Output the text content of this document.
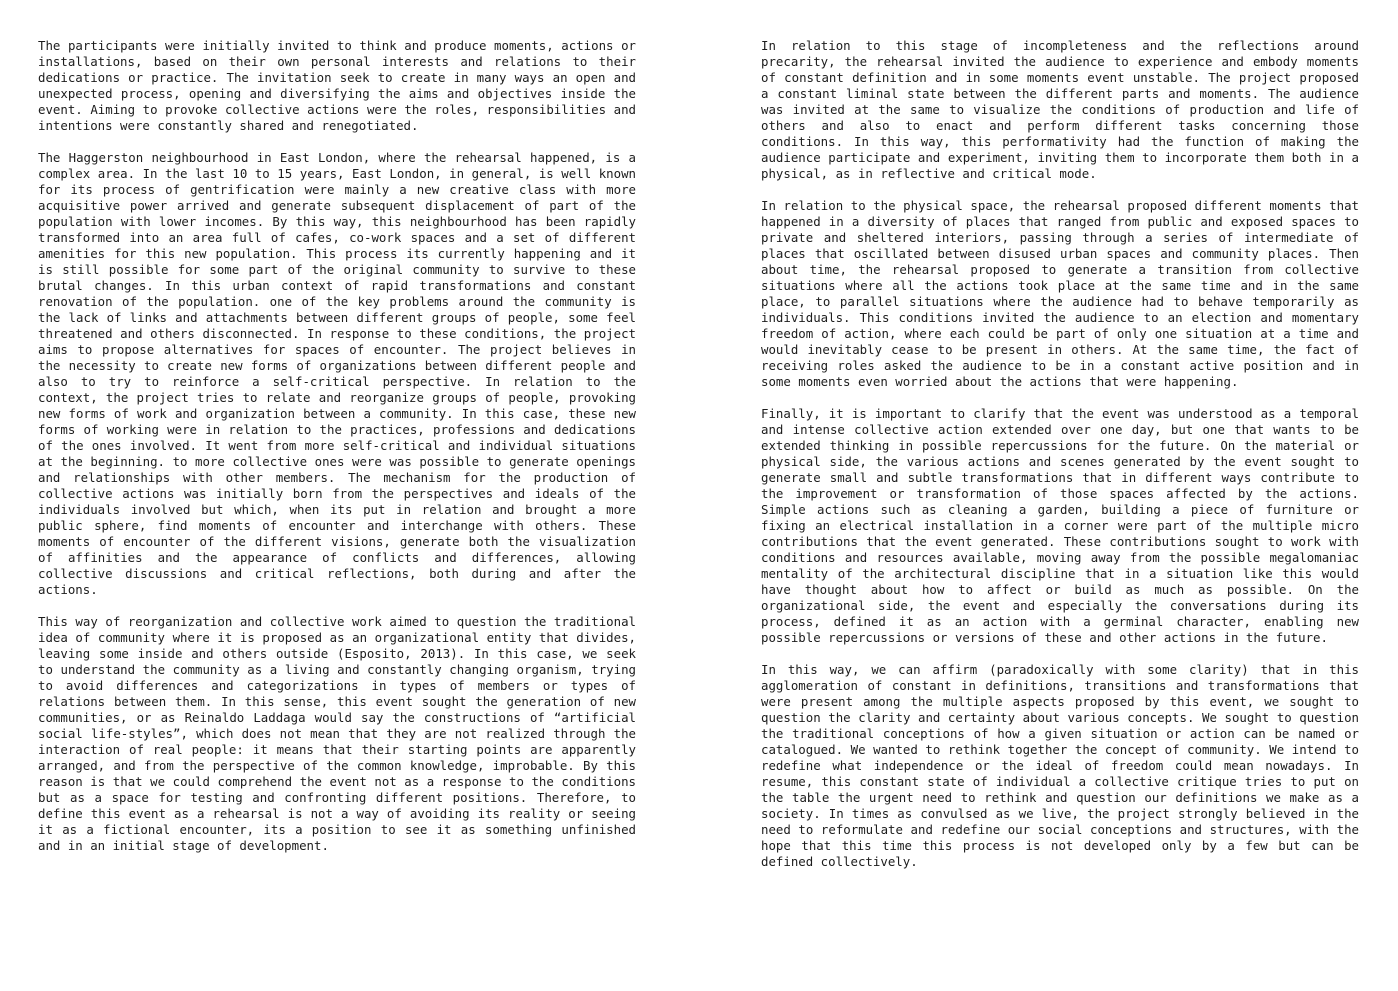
The participants were initially invited to think and produce moments, actions or installations, based on their own personal interests and relations to their dedications or practice. The invitation seek to create in many ways an open and unexpected process, opening and diversifying the aims and objectives inside the event. Aiming to provoke collective actions were the roles, responsibilities and intentions were constantly shared and renegotiated.

The Haggerston neighbourhood in East London, where the rehearsal happened, is a complex area. In the last 10 to 15 years, East London, in general, is well known for its process of gentrification were mainly a new creative class with more acquisitive power arrived and generate subsequent displacement of part of the population with lower incomes. By this way, this neighbourhood has been rapidly transformed into an area full of cafes, co-work spaces and a set of different amenities for this new population. This process its currently happening and it is still possible for some part of the original community to survive to these brutal changes. In this urban context of rapid transformations and constant renovation of the population. one of the key problems around the community is the lack of links and attachments between different groups of people, some feel threatened and others disconnected. In response to these conditions, the project aims to propose alternatives for spaces of encounter. The project believes in the necessity to create new forms of organizations between different people and also to try to reinforce a self-critical perspective. In relation to the context, the project tries to relate and reorganize groups of people, provoking new forms of work and organization between a community. In this case, these new forms of working were in relation to the practices, professions and dedications of the ones involved. It went from more self-critical and individual situations at the beginning. to more collective ones were was possible to generate openings and relationships with other members. The mechanism for the production of collective actions was initially born from the perspectives and ideals of the individuals involved but which, when its put in relation and brought a more public sphere, find moments of encounter and interchange with others. These moments of encounter of the different visions, generate both the visualization of affinities and the appearance of conflicts and differences, allowing collective discussions and critical reflections, both during and after the actions.

This way of reorganization and collective work aimed to question the traditional idea of community where it is proposed as an organizational entity that divides, leaving some inside and others outside (Esposito, 2013). In this case, we seek to understand the community as a living and constantly changing organism, trying to avoid differences and categorizations in types of members or types of relations between them. In this sense, this event sought the generation of new communities, or as Reinaldo Laddaga would say the constructions of “artificial social life-styles”, which does not mean that they are not realized through the interaction of real people: it means that their starting points are apparently arranged, and from the perspective of the common knowledge, improbable. By this reason is that we could comprehend the event not as a response to the conditions but as a space for testing and confronting different positions. Therefore, to define this event as a rehearsal is not a way of avoiding its reality or seeing it as a fictional encounter, its a position to see it as something unfinished and in an initial stage of development.

In relation to this stage of incompleteness and the reflections around precarity, the rehearsal invited the audience to experience and embody moments of constant definition and in some moments event unstable. The project proposed a constant liminal state between the different parts and moments. The audience was invited at the same to visualize the conditions of production and life of others and also to enact and perform different tasks concerning those conditions. In this way, this performativity had the function of making the audience participate and experiment, inviting them to incorporate them both in a physical, as in reflective and critical mode.

In relation to the physical space, the rehearsal proposed different moments that happened in a diversity of places that ranged from public and exposed spaces to private and sheltered interiors, passing through a series of intermediate of places that oscillated between disused urban spaces and community places. Then about time, the rehearsal proposed to generate a transition from collective situations where all the actions took place at the same time and in the same place, to parallel situations where the audience had to behave temporarily as individuals. This conditions invited the audience to an election and momentary freedom of action, where each could be part of only one situation at a time and would inevitably cease to be present in others. At the same time, the fact of receiving roles asked the audience to be in a constant active position and in some moments even worried about the actions that were happening.

Finally, it is important to clarify that the event was understood as a temporal and intense collective action extended over one day, but one that wants to be extended thinking in possible repercussions for the future. On the material or physical side, the various actions and scenes generated by the event sought to generate small and subtle transformations that in different ways contribute to the improvement or transformation of those spaces affected by the actions. Simple actions such as cleaning a garden, building a piece of furniture or fixing an electrical installation in a corner were part of the multiple micro contributions that the event generated. These contributions sought to work with conditions and resources available, moving away from the possible megalomaniac mentality of the architectural discipline that in a situation like this would have thought about how to affect or build as much as possible. On the organizational side, the event and especially the conversations during its process, defined it as an action with a germinal character, enabling new possible repercussions or versions of these and other actions in the future.

In this way, we can affirm (paradoxically with some clarity) that in this agglomeration of constant in definitions, transitions and transformations that were present among the multiple aspects proposed by this event, we sought to question the clarity and certainty about various concepts. We sought to question the traditional conceptions of how a given situation or action can be named or catalogued. We wanted to rethink together the concept of community. We intend to redefine what independence or the ideal of freedom could mean nowadays. In resume, this constant state of individual a collective critique tries to put on the table the urgent need to rethink and question our definitions we make as a society. In times as convulsed as we live, the project strongly believed in the need to reformulate and redefine our social conceptions and structures, with the hope that this time this process is not developed only by a few but can be defined collectively.
